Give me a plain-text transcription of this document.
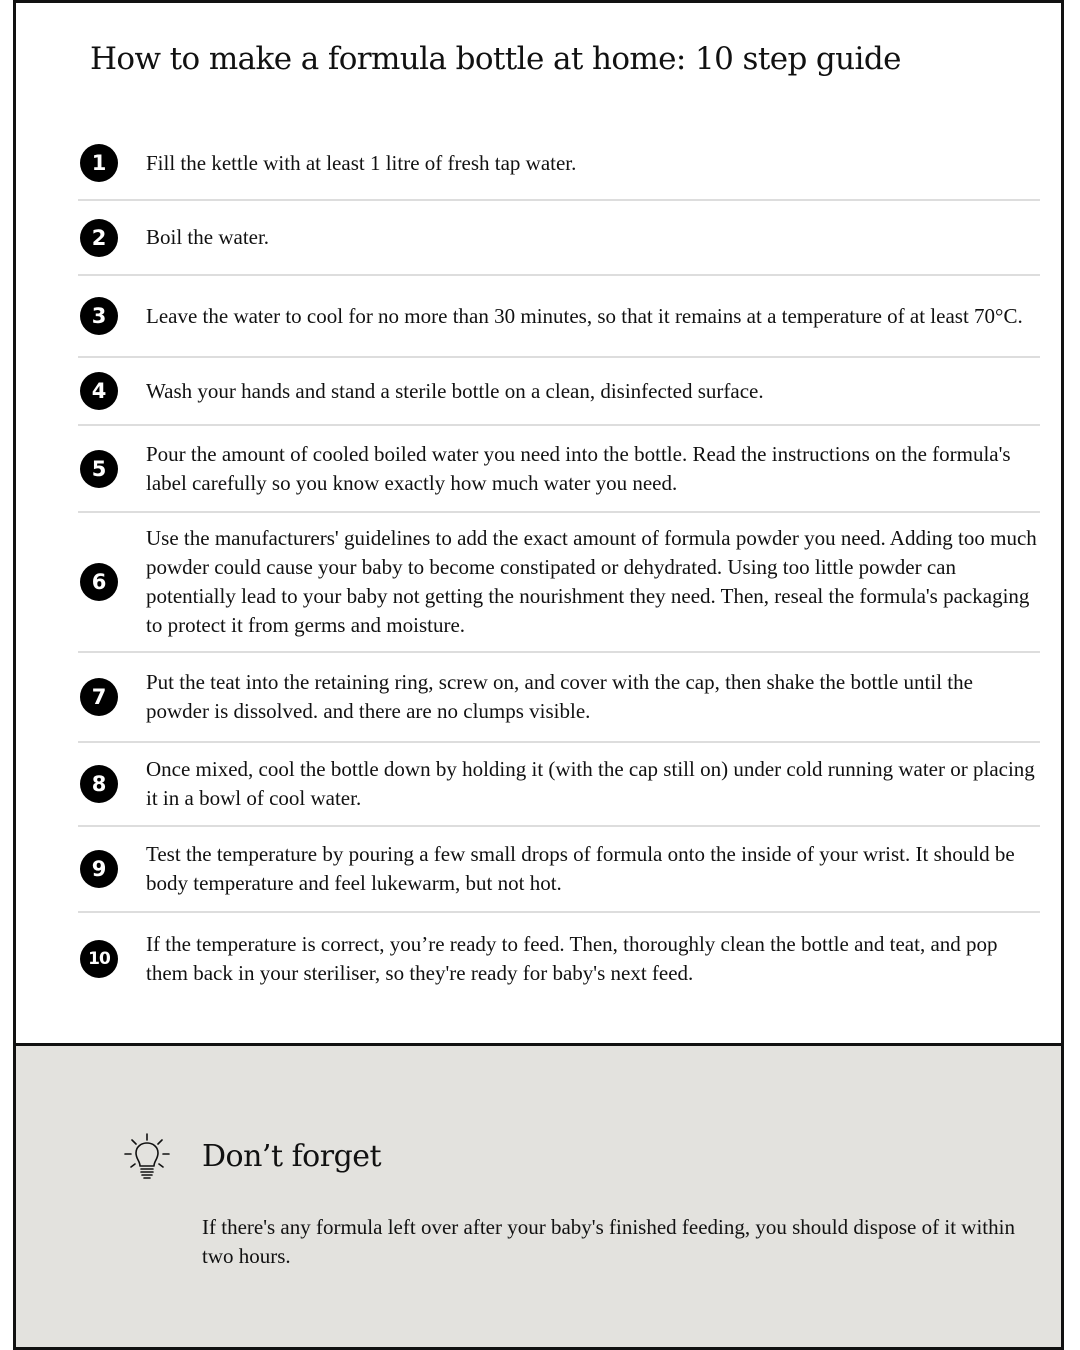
How to make a formula bottle at home: 10 step guide
1	Fill the kettle with at least 1 litre of fresh tap water.

2	Boil the water.

3	Leave the water to cool for no more than 30 minutes, so that it remains at a temperature of at least 70°C.

4	Wash your hands and stand a sterile bottle on a clean, disinfected surface.

5

Pour the amount of cooled boiled water you need into the bottle. Read the instructions on the formula's label carefully so you know exactly how much water you need.

6

Use the manufacturers' guidelines to add the exact amount of formula powder you need. Adding too much powder could cause your baby to become constipated or dehydrated. Using too little powder can potentially lead to your baby not getting the nourishment they need. Then, reseal the formula's packaging to protect it from germs and moisture.

7

Put the teat into the retaining ring, screw on, and cover with the cap, then shake the bottle until the powder is dissolved. and there are no clumps visible.

8

Once mixed, cool the bottle down by holding it (with the cap still on) under cold running water or placing it in a bowl of cool water.

9

Test the temperature by pouring a few small drops of formula onto the inside of your wrist. It should be body temperature and feel lukewarm, but not hot.

10

If the temperature is correct, you’re ready to feed. Then, thoroughly clean the bottle and teat, and pop them back in your steriliser, so they're ready for baby's next feed.

Don’t forget

If there's any formula left over after your baby's finished feeding, you should dispose of it within two hours.
